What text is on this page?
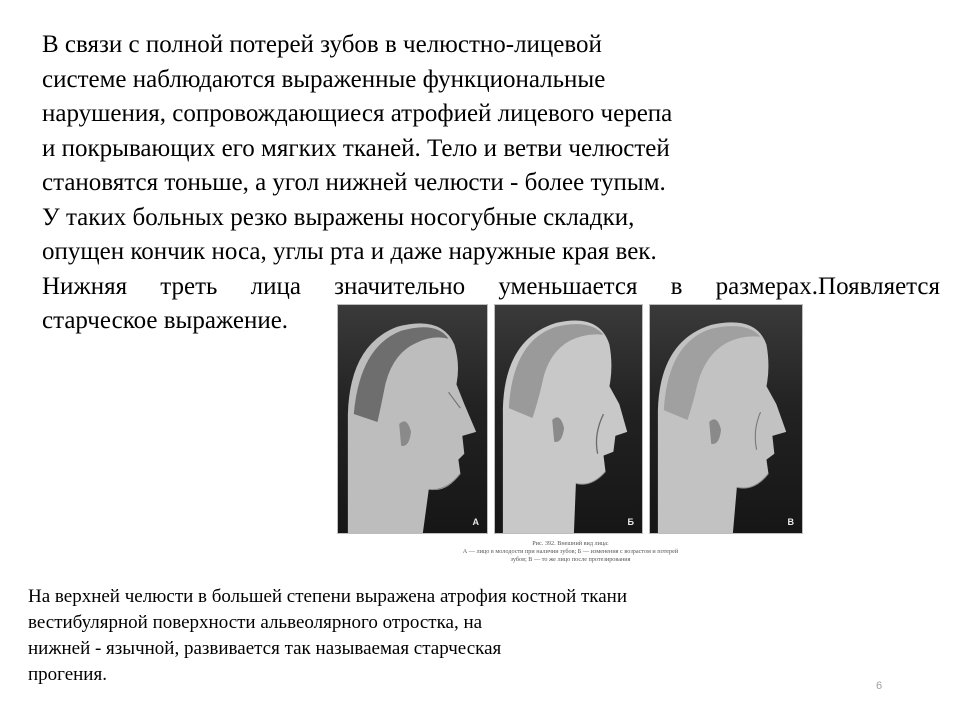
В связи с полной потерей зубов в челюстно-лицевой
системе наблюдаются выраженные функциональные
нарушения, сопровождающиеся атрофией лицевого черепа
и покрывающих его мягких тканей. Тело и ветви челюстей
становятся тоньше, а угол нижней челюсти - более тупым.
У таких больных резко выражены носогубные складки,
опущен кончик носа, углы рта и даже наружные края век.
Нижняя треть лица значительно уменьшается в размерах.Появляется
старческое выражение.
А	Б	В
Рис. 392. Внешний вид лица:
А — лицо в молодости при наличии зубов; Б — изменения с возрастом и потерей
зубов; В — то же лицо после протезирования
На верхней челюсти в большей степени выражена атрофия костной ткани
вестибулярной поверхности альвеолярного отростка, на
нижней - язычной, развивается так называемая старческая
прогения.
6
